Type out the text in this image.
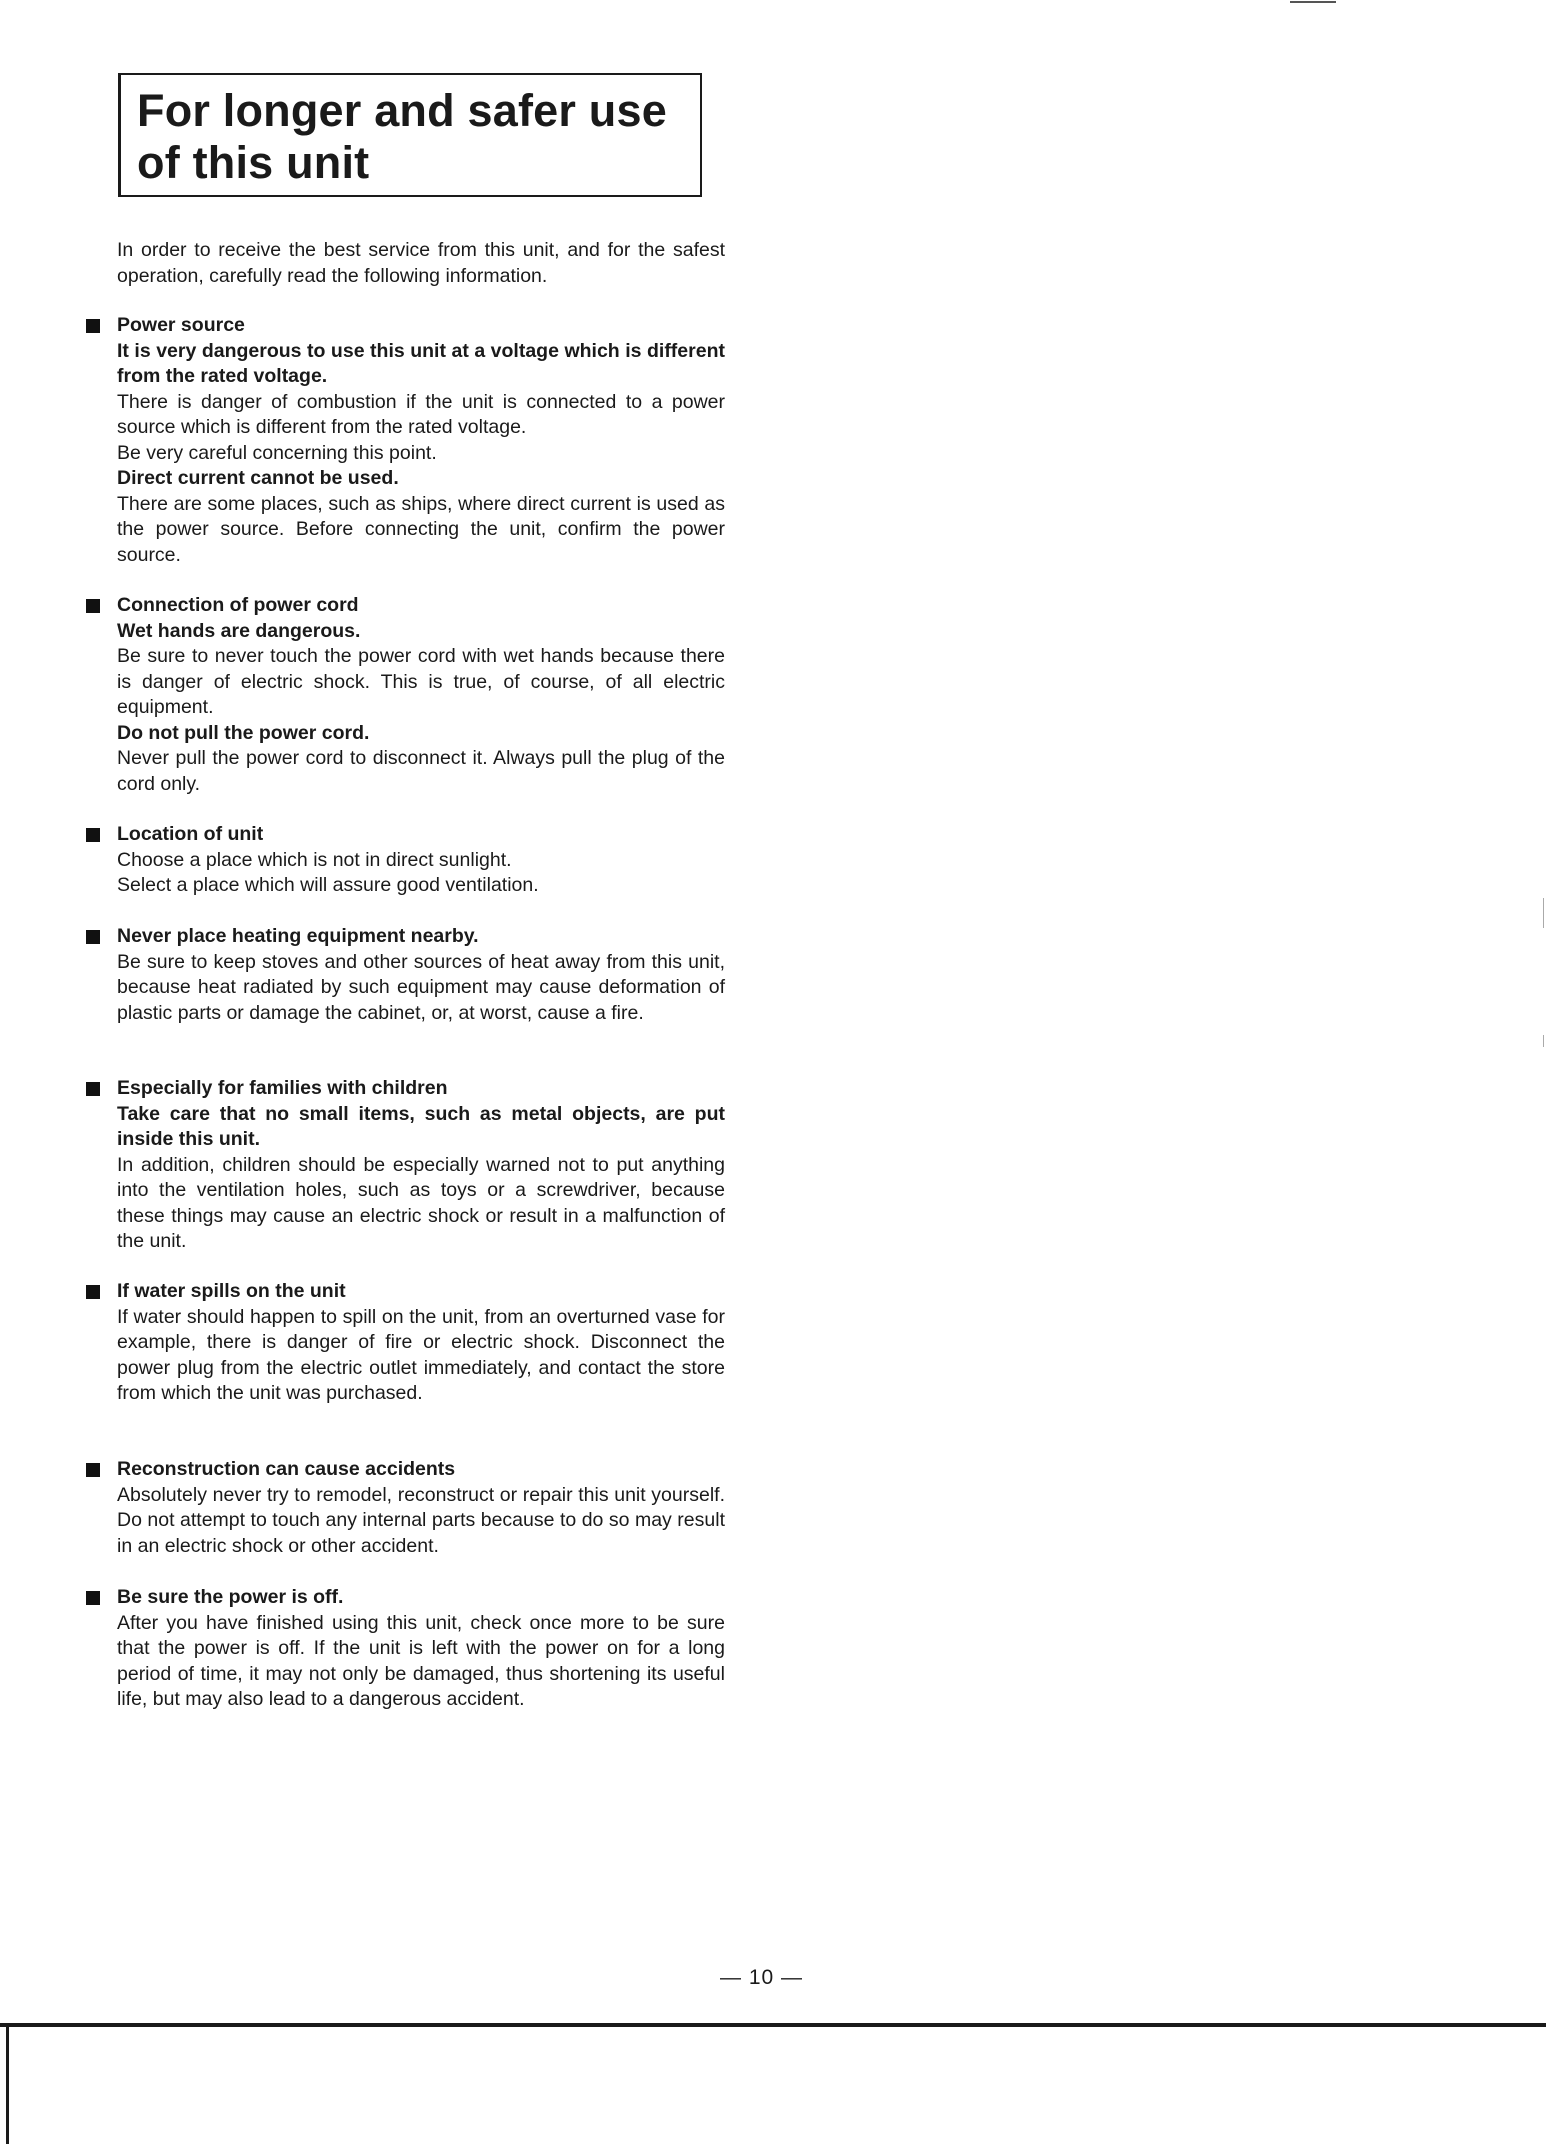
For longer and safer use
of this unit

In order to receive the best service from this unit, and for the safest operation, carefully read the following information.

Power source

It is very dangerous to use this unit at a voltage which is different from the rated voltage.

There is danger of combustion if the unit is connected to a power source which is different from the rated voltage.

Be very careful concerning this point.

Direct current cannot be used.

There are some places, such as ships, where direct current is used as the power source. Before connecting the unit, confirm the power source.

Connection of power cord

Wet hands are dangerous.

Be sure to never touch the power cord with wet hands because there is danger of electric shock. This is true, of course, of all electric equipment.

Do not pull the power cord.

Never pull the power cord to disconnect it. Always pull the plug of the cord only.

Location of unit

Choose a place which is not in direct sunlight.

Select a place which will assure good ventilation.

Never place heating equipment nearby.

Be sure to keep stoves and other sources of heat away from this unit, because heat radiated by such equipment may cause deformation of plastic parts or damage the cabinet, or, at worst, cause a fire.

Especially for families with children

Take care that no small items, such as metal objects, are put inside this unit.

In addition, children should be especially warned not to put anything into the ventilation holes, such as toys or a screwdriver, because these things may cause an electric shock or result in a malfunction of the unit.

If water spills on the unit

If water should happen to spill on the unit, from an overturned vase for example, there is danger of fire or electric shock. Disconnect the power plug from the electric outlet immediately, and contact the store from which the unit was purchased.

Reconstruction can cause accidents

Absolutely never try to remodel, reconstruct or repair this unit yourself. Do not attempt to touch any internal parts because to do so may result in an electric shock or other accident.

Be sure the power is off.

After you have finished using this unit, check once more to be sure that the power is off. If the unit is left with the power on for a long period of time, it may not only be damaged, thus shortening its useful life, but may also lead to a dangerous accident.

— 10 —
